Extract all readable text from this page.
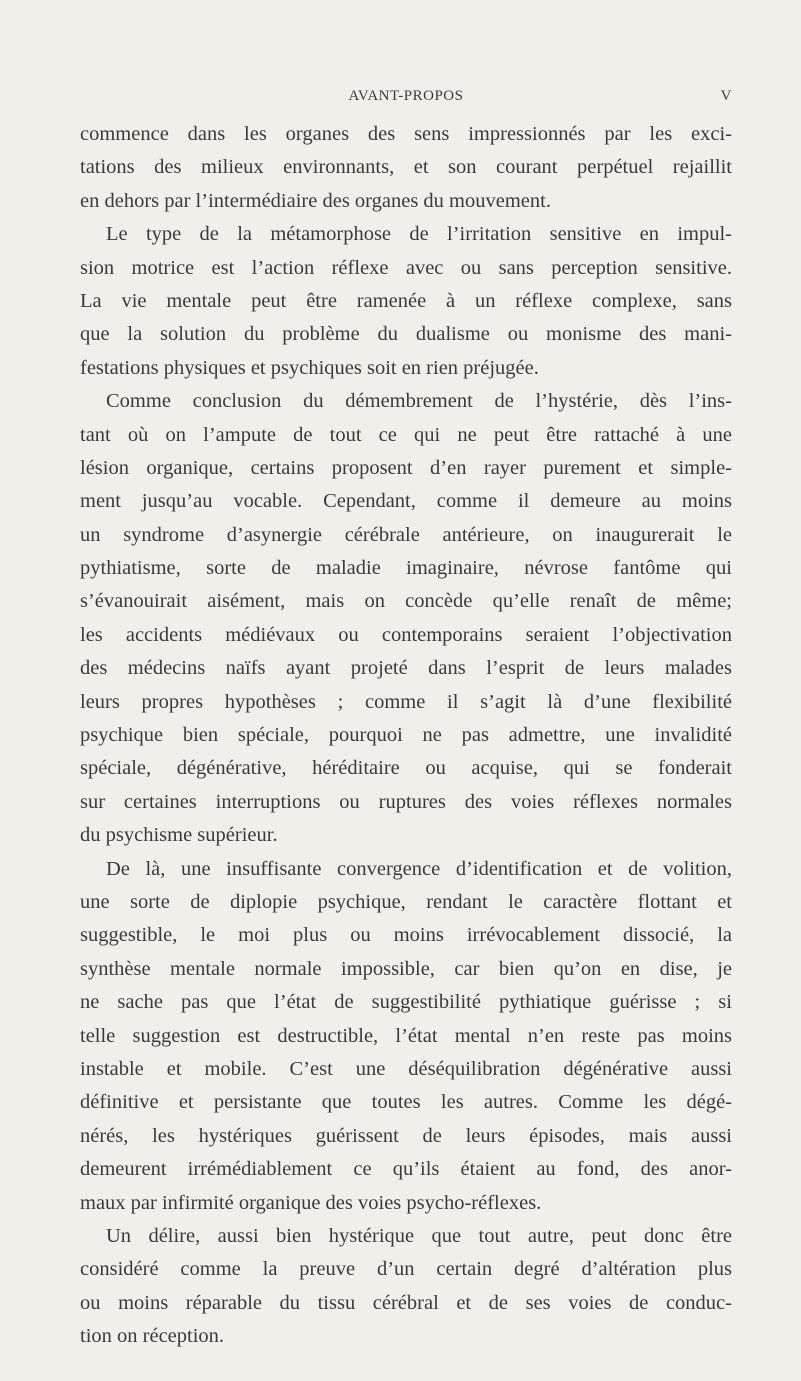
AVANT-PROPOS	V
commence dans les organes des sens impressionnés par les exci-
tations des milieux environnants, et son courant perpétuel rejaillit
en dehors par l’intermédiaire des organes du mouvement.
Le type de la métamorphose de l’irritation sensitive en impul-
sion motrice est l’action réflexe avec ou sans perception sensitive.
La vie mentale peut être ramenée à un réflexe complexe, sans
que la solution du problème du dualisme ou monisme des mani-
festations physiques et psychiques soit en rien préjugée.
Comme conclusion du démembrement de l’hystérie, dès l’ins-
tant où on l’ampute de tout ce qui ne peut être rattaché à une
lésion organique, certains proposent d’en rayer purement et simple-
ment jusqu’au vocable. Cependant, comme il demeure au moins
un syndrome d’asynergie cérébrale antérieure, on inaugurerait le
pythiatisme, sorte de maladie imaginaire, névrose fantôme qui
s’évanouirait aisément, mais on concède qu’elle renaît de même;
les accidents médiévaux ou contemporains seraient l’objectivation
des médecins naïfs ayant projeté dans l’esprit de leurs malades
leurs propres hypothèses ; comme il s’agit là d’une flexibilité
psychique bien spéciale, pourquoi ne pas admettre, une invalidité
spéciale, dégénérative, héréditaire ou acquise, qui se fonderait
sur certaines interruptions ou ruptures des voies réflexes normales
du psychisme supérieur.
De là, une insuffisante convergence d’identification et de volition,
une sorte de diplopie psychique, rendant le caractère flottant et
suggestible, le moi plus ou moins irrévocablement dissocié, la
synthèse mentale normale impossible, car bien qu’on en dise, je
ne sache pas que l’état de suggestibilité pythiatique guérisse ; si
telle suggestion est destructible, l’état mental n’en reste pas moins
instable et mobile. C’est une déséquilibration dégénérative aussi
définitive et persistante que toutes les autres. Comme les dégé-
nérés, les hystériques guérissent de leurs épisodes, mais aussi
demeurent irrémédiablement ce qu’ils étaient au fond, des anor-
maux par infirmité organique des voies psycho-réflexes.
Un délire, aussi bien hystérique que tout autre, peut donc être
considéré comme la preuve d’un certain degré d’altération plus
ou moins réparable du tissu cérébral et de ses voies de conduc-
tion on réception.
